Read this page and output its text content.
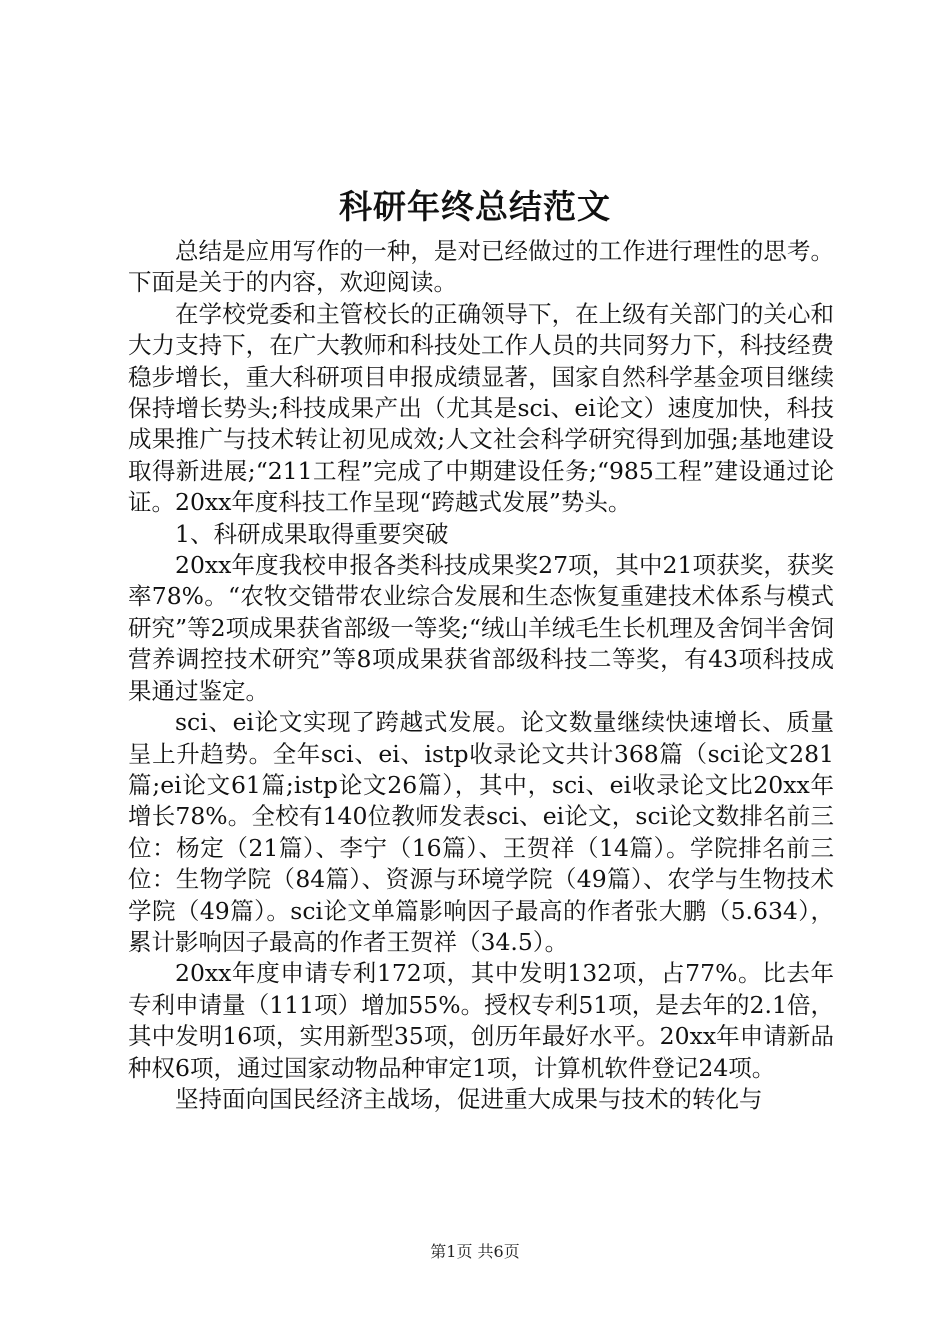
科研年终总结范文

总结是应用写作的一种，是对已经做过的工作进行理性的思考。下面是关于的内容，欢迎阅读。

在学校党委和主管校长的正确领导下，在上级有关部门的关心和大力支持下，在广大教师和科技处工作人员的共同努力下，科技经费稳步增长，重大科研项目申报成绩显著，国家自然科学基金项目继续保持增长势头;科技成果产出（尤其是sci、ei论文）速度加快，科技成果推广与技术转让初见成效;人文社会科学研究得到加强;基地建设取得新进展;“211工程”完成了中期建设任务;“985工程”建设通过论证。20xx年度科技工作呈现“跨越式发展”势头。

1、科研成果取得重要突破

20xx年度我校申报各类科技成果奖27项，其中21项获奖，获奖率78%。“农牧交错带农业综合发展和生态恢复重建技术体系与模式研究”等2项成果获省部级一等奖;“绒山羊绒毛生长机理及舍饲半舍饲营养调控技术研究”等8项成果获省部级科技二等奖，有43项科技成果通过鉴定。

sci、ei论文实现了跨越式发展。论文数量继续快速增长、质量呈上升趋势。全年sci、ei、istp收录论文共计368篇（sci论文281篇;ei论文61篇;istp论文26篇），其中，sci、ei收录论文比20xx年增长78%。全校有140位教师发表sci、ei论文，sci论文数排名前三位：杨定（21篇）、李宁（16篇）、王贺祥（14篇）。学院排名前三位：生物学院（84篇）、资源与环境学院（49篇）、农学与生物技术学院（49篇）。sci论文单篇影响因子最高的作者张大鹏（5.634），累计影响因子最高的作者王贺祥（34.5）。

20xx年度申请专利172项，其中发明132项，占77%。比去年专利申请量（111项）增加55%。授权专利51项，是去年的2.1倍，其中发明16项，实用新型35项，创历年最好水平。20xx年申请新品种权6项，通过国家动物品种审定1项，计算机软件登记24项。

坚持面向国民经济主战场，促进重大成果与技术的转化与

第1页 共6页
